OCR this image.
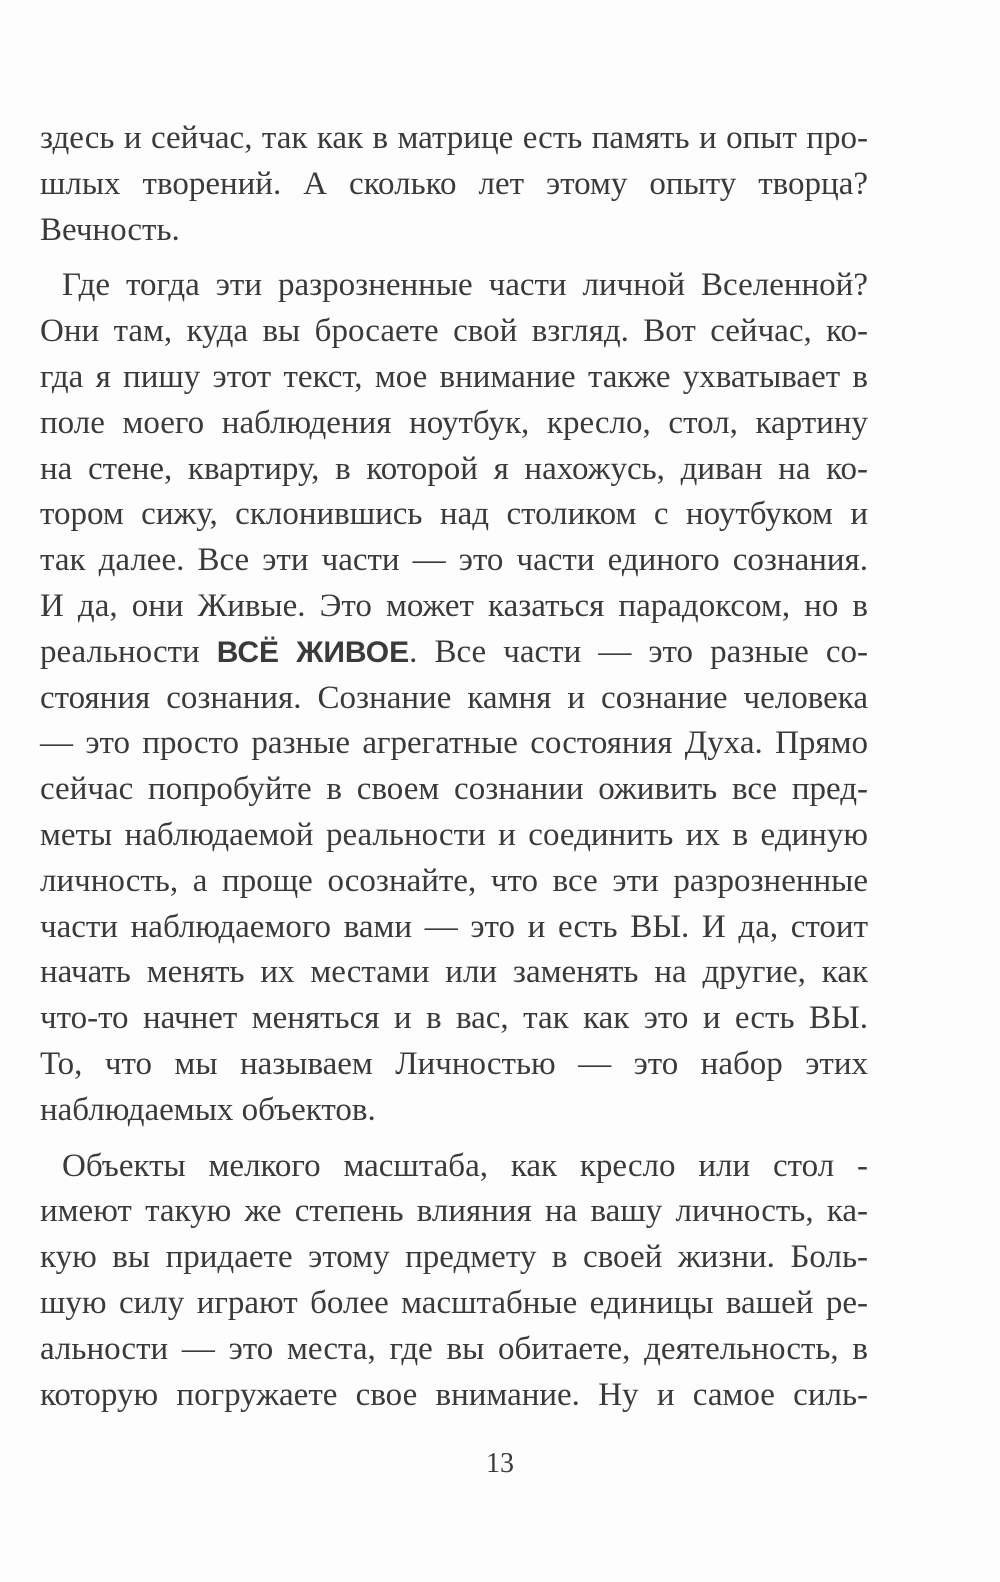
здесь и сейчас, так как в матрице есть память и опыт про-
шлых творений. А сколько лет этому опыту творца?
Вечность.
Где тогда эти разрозненные части личной Вселенной?
Они там, куда вы бросаете свой взгляд. Вот сейчас, ко-
гда я пишу этот текст, мое внимание также ухватывает в
поле моего наблюдения ноутбук, кресло, стол, картину
на стене, квартиру, в которой я нахожусь, диван на ко-
тором сижу, склонившись над столиком с ноутбуком и
так далее. Все эти части — это части единого сознания.
И да, они Живые. Это может казаться парадоксом, но в
реальности ВСЁ ЖИВОЕ. Все части — это разные со-
стояния сознания. Сознание камня и сознание человека
— это просто разные агрегатные состояния Духа. Прямо
сейчас попробуйте в своем сознании оживить все пред-
меты наблюдаемой реальности и соединить их в единую
личность, а проще осознайте, что все эти разрозненные
части наблюдаемого вами — это и есть ВЫ. И да, стоит
начать менять их местами или заменять на другие, как
что-то начнет меняться и в вас, так как это и есть ВЫ.
То, что мы называем Личностью — это набор этих
наблюдаемых объектов.
Объекты мелкого масштаба, как кресло или стол -
имеют такую же степень влияния на вашу личность, ка-
кую вы придаете этому предмету в своей жизни. Боль-
шую силу играют более масштабные единицы вашей ре-
альности — это места, где вы обитаете, деятельность, в
которую погружаете свое внимание. Ну и самое силь-
13
